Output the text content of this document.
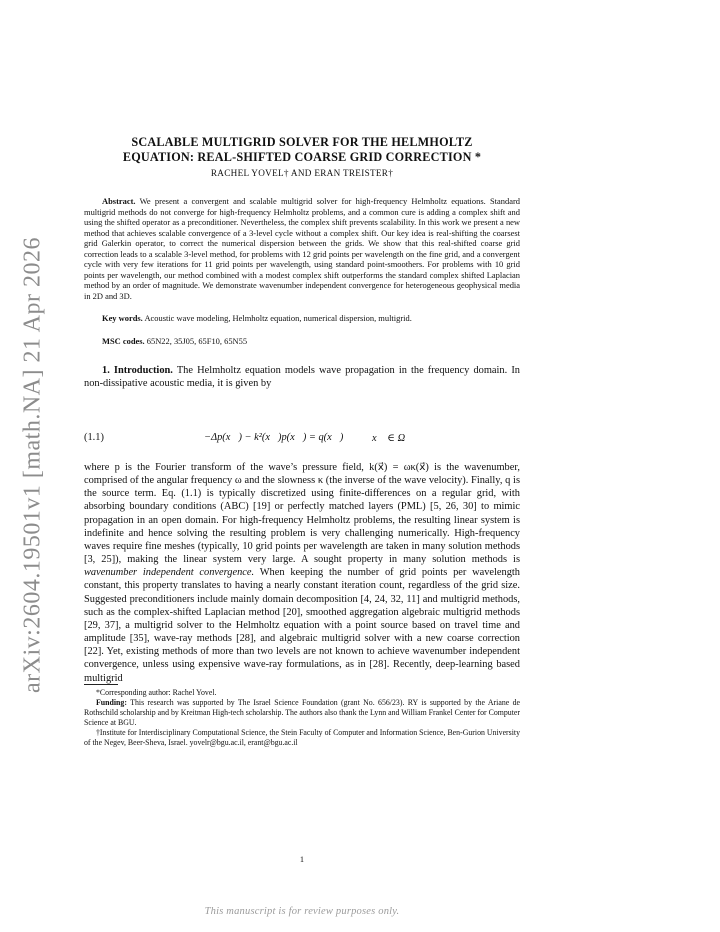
arXiv:2604.19501v1 [math.NA] 21 Apr 2026
SCALABLE MULTIGRID SOLVER FOR THE HELMHOLTZ
EQUATION: REAL-SHIFTED COARSE GRID CORRECTION *
RACHEL YOVEL† AND ERAN TREISTER†
Abstract. We present a convergent and scalable multigrid solver for high-frequency Helmholtz equations. Standard multigrid methods do not converge for high-frequency Helmholtz problems, and a common cure is adding a complex shift and using the shifted operator as a preconditioner. Nevertheless, the complex shift prevents scalability. In this work we present a new method that achieves scalable convergence of a 3-level cycle without a complex shift. Our key idea is real-shifting the coarsest grid Galerkin operator, to correct the numerical dispersion between the grids. We show that this real-shifted coarse grid correction leads to a scalable 3-level method, for problems with 12 grid points per wavelength on the fine grid, and a convergent cycle with very few iterations for 11 grid points per wavelength, using standard point-smoothers. For problems with 10 grid points per wavelength, our method combined with a modest complex shift outperforms the standard complex shifted Laplacian method by an order of magnitude. We demonstrate wavenumber independent convergence for heterogeneous geophysical media in 2D and 3D.
Key words. Acoustic wave modeling, Helmholtz equation, numerical dispersion, multigrid.
MSC codes. 65N22, 35J05, 65F10, 65N55
1. Introduction. The Helmholtz equation models wave propagation in the frequency domain. In non-dissipative acoustic media, it is given by
(1.1)	−Δp(x⃗) − k²(x⃗)p(x⃗) = q(x⃗)	x⃗ ∈ Ω
where p is the Fourier transform of the wave’s pressure field, k(x⃗) = ωκ(x⃗) is the wavenumber, comprised of the angular frequency ω and the slowness κ (the inverse of the wave velocity). Finally, q is the source term. Eq. (1.1) is typically discretized using finite-differences on a regular grid, with absorbing boundary conditions (ABC) [19] or perfectly matched layers (PML) [5, 26, 30] to mimic propagation in an open domain. For high-frequency Helmholtz problems, the resulting linear system is indefinite and hence solving the resulting problem is very challenging numerically. High-frequency waves require fine meshes (typically, 10 grid points per wavelength are taken in many solution methods [3, 25]), making the linear system very large. A sought property in many solution methods is wavenumber independent convergence. When keeping the number of grid points per wavelength constant, this property translates to having a nearly constant iteration count, regardless of the grid size. Suggested preconditioners include mainly domain decomposition [4, 24, 32, 11] and multigrid methods, such as the complex-shifted Laplacian method [20], smoothed aggregation algebraic multigrid methods [29, 37], a multigrid solver to the Helmholtz equation with a point source based on travel time and amplitude [35], wave-ray methods [28], and algebraic multigrid solver with a new coarse correction [22]. Yet, existing methods of more than two levels are not known to achieve wavenumber independent convergence, unless using expensive wave-ray formulations, as in [28]. Recently, deep-learning based multigrid

*Corresponding author: Rachel Yovel.

Funding: This research was supported by The Israel Science Foundation (grant No. 656/23). RY is supported by the Ariane de Rothschild scholarship and by Kreitman High-tech scholarship. The authors also thank the Lynn and William Frankel Center for Computer Science at BGU.

†Institute for Interdisciplinary Computational Science, the Stein Faculty of Computer and Information Science, Ben-Gurion University of the Negev, Beer-Sheva, Israel. yovelr@bgu.ac.il, erant@bgu.ac.il

1
This manuscript is for review purposes only.
